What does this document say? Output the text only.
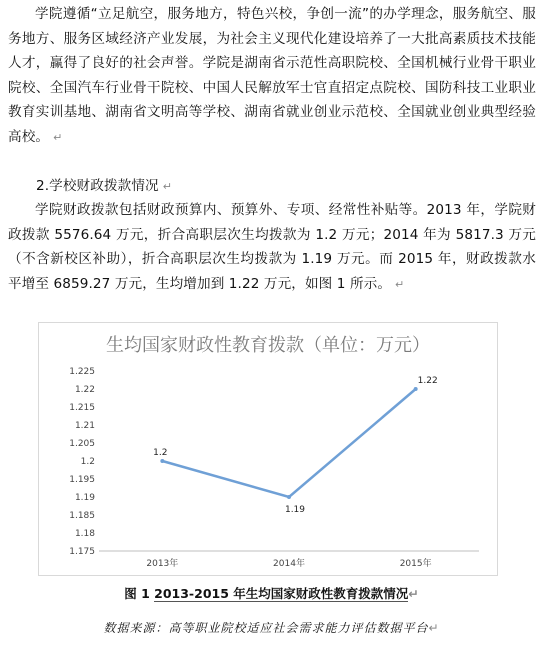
学院遵循“立足航空，服务地方，特色兴校，争创一流”的办学理念，服务航空、服务地方、服务区域经济产业发展，为社会主义现代化建设培养了一大批高素质技术技能人才，赢得了良好的社会声誉。学院是湖南省示范性高职院校、全国机械行业骨干职业院校、全国汽车行业骨干院校、中国人民解放军士官直招定点院校、国防科技工业职业教育实训基地、湖南省文明高等学校、湖南省就业创业示范校、全国就业创业典型经验高校。 ↵

2.学校财政拨款情况 ↵

学院财政拨款包括财政预算内、预算外、专项、经常性补贴等。2013 年，学院财政拨款 5576.64 万元，折合高职层次生均拨款为 1.2 万元；2014 年为 5817.3 万元（不含新校区补助），折合高职层次生均拨款为 1.19 万元。而 2015 年，财政拨款水平增至 6859.27 万元，生均增加到 1.22 万元，如图 1 所示。 ↵

生均国家财政性教育拨款（单位：万元）
1.225
1.22
1.215
1.21
1.205
1.2
1.195
1.19
1.185
1.18
1.175
2013年	2014年	2015年
1.2
1.19
1.22

图 1 2013-2015 年生均国家财政性教育拨款情况↵

数据来源：高等职业院校适应社会需求能力评估数据平台↵
